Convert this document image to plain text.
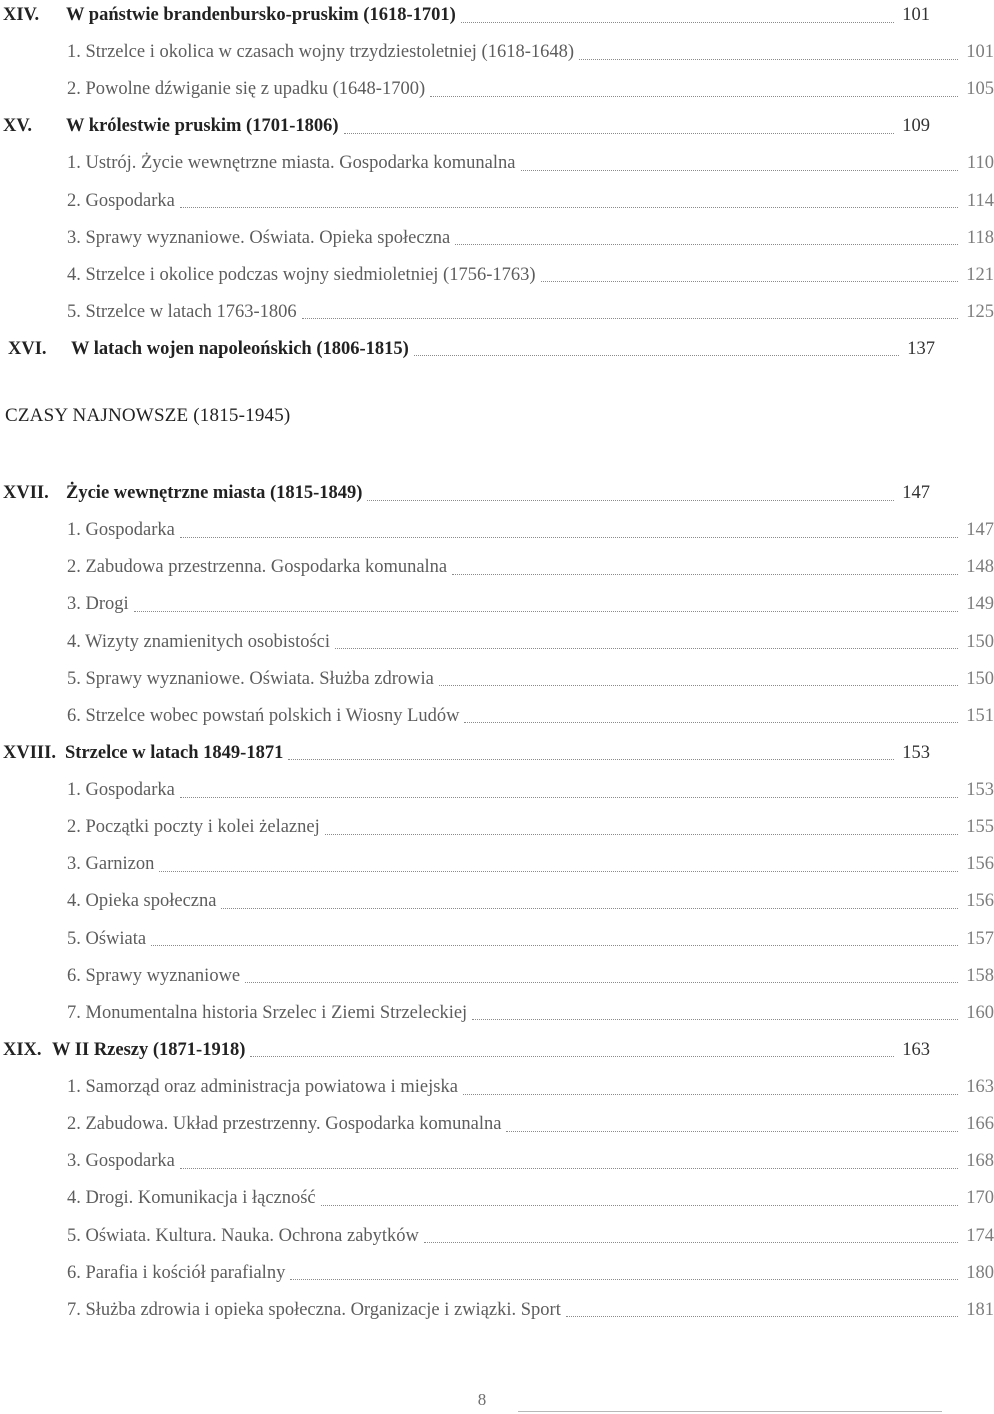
XIV.	W państwie brandenbursko-pruskim (1618-1701)	101
1. Strzelce i okolica w czasach wojny trzydziestoletniej (1618-1648)	101
2. Powolne dźwiganie się z upadku (1648-1700)	105
XV.	W królestwie pruskim (1701-1806)	109
1. Ustrój. Życie wewnętrzne miasta. Gospodarka komunalna	110
2. Gospodarka	114
3. Sprawy wyznaniowe. Oświata. Opieka społeczna	118
4. Strzelce i okolice podczas wojny siedmioletniej (1756-1763)	121
5. Strzelce w latach 1763-1806	125
XVI.	W latach wojen napoleońskich (1806-1815)	137
CZASY NAJNOWSZE (1815-1945)
XVII. Życie wewnętrzne miasta (1815-1849)	147
1. Gospodarka	147
2. Zabudowa przestrzenna. Gospodarka komunalna	148
3. Drogi	149
4. Wizyty znamienitych osobistości	150
5. Sprawy wyznaniowe. Oświata. Służba zdrowia	150
6. Strzelce wobec powstań polskich i Wiosny Ludów	151
XVIII. Strzelce w latach 1849-1871	153
1. Gospodarka	153
2. Początki poczty i kolei żelaznej	155
3. Garnizon	156
4. Opieka społeczna	156
5. Oświata	157
6. Sprawy wyznaniowe	158
7. Monumentalna historia Srzelec i Ziemi Strzeleckiej	160
XIX. W II Rzeszy (1871-1918)	163
1. Samorząd oraz administracja powiatowa i miejska	163
2. Zabudowa. Układ przestrzenny. Gospodarka komunalna	166
3. Gospodarka	168
4. Drogi. Komunikacja i łączność	170
5. Oświata. Kultura. Nauka. Ochrona zabytków	174
6. Parafia i kościół parafialny	180
7. Służba zdrowia i opieka społeczna. Organizacje i związki. Sport	181
8
